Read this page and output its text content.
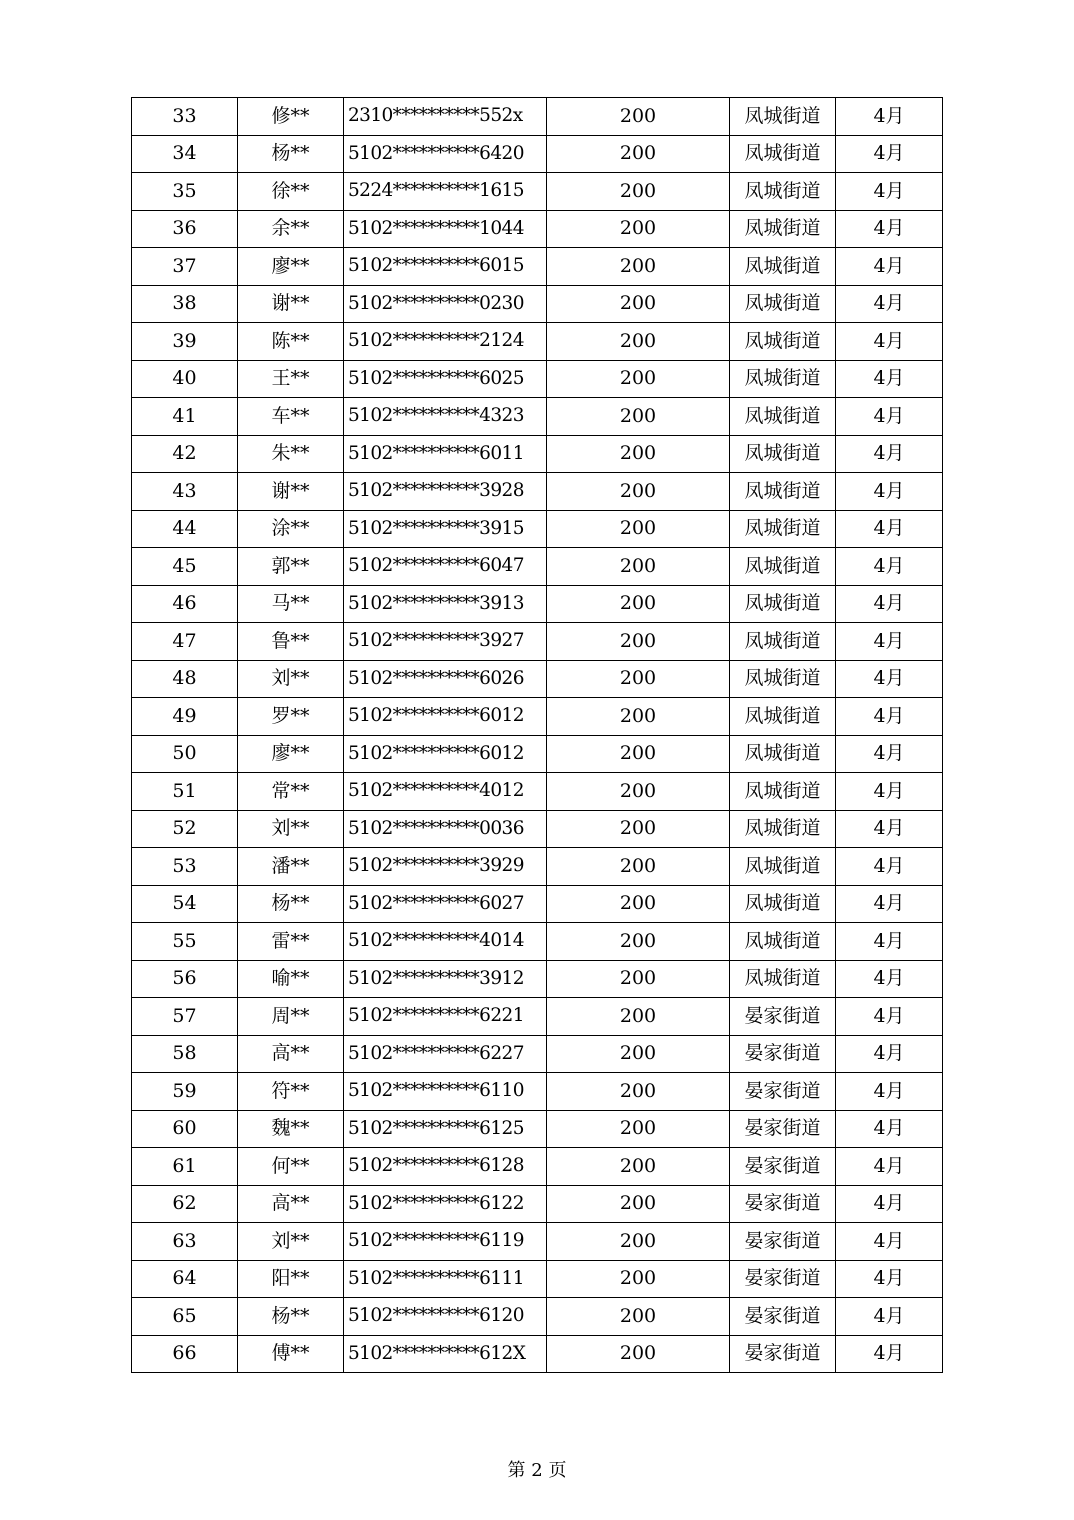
33	修**	2310**********552x	200	凤城街道	4月
34	杨**	5102**********6420	200	凤城街道	4月
35	徐**	5224**********1615	200	凤城街道	4月
36	余**	5102**********1044	200	凤城街道	4月
37	廖**	5102**********6015	200	凤城街道	4月
38	谢**	5102**********0230	200	凤城街道	4月
39	陈**	5102**********2124	200	凤城街道	4月
40	王**	5102**********6025	200	凤城街道	4月
41	车**	5102**********4323	200	凤城街道	4月
42	朱**	5102**********6011	200	凤城街道	4月
43	谢**	5102**********3928	200	凤城街道	4月
44	涂**	5102**********3915	200	凤城街道	4月
45	郭**	5102**********6047	200	凤城街道	4月
46	马**	5102**********3913	200	凤城街道	4月
47	鲁**	5102**********3927	200	凤城街道	4月
48	刘**	5102**********6026	200	凤城街道	4月
49	罗**	5102**********6012	200	凤城街道	4月
50	廖**	5102**********6012	200	凤城街道	4月
51	常**	5102**********4012	200	凤城街道	4月
52	刘**	5102**********0036	200	凤城街道	4月
53	潘**	5102**********3929	200	凤城街道	4月
54	杨**	5102**********6027	200	凤城街道	4月
55	雷**	5102**********4014	200	凤城街道	4月
56	喻**	5102**********3912	200	凤城街道	4月
57	周**	5102**********6221	200	晏家街道	4月
58	高**	5102**********6227	200	晏家街道	4月
59	符**	5102**********6110	200	晏家街道	4月
60	魏**	5102**********6125	200	晏家街道	4月
61	何**	5102**********6128	200	晏家街道	4月
62	高**	5102**********6122	200	晏家街道	4月
63	刘**	5102**********6119	200	晏家街道	4月
64	阳**	5102**********6111	200	晏家街道	4月
65	杨**	5102**********6120	200	晏家街道	4月
66	傅**	5102**********612X	200	晏家街道	4月
第 2 页
